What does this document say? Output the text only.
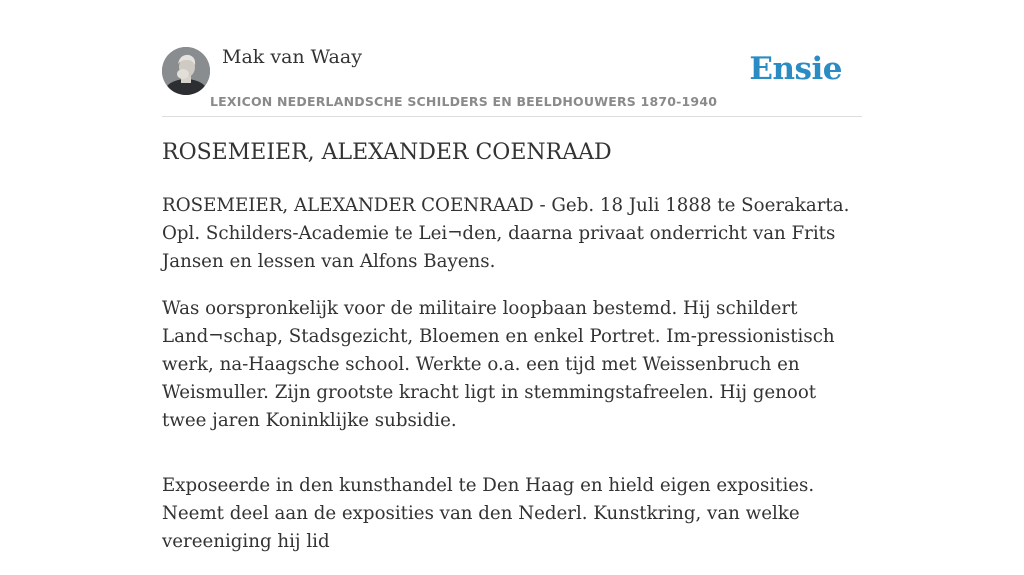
Mak van Waay
LEXICON NEDERLANDSCHE SCHILDERS EN BEELDHOUWERS 1870-1940
Ensie
ROSEMEIER, ALEXANDER COENRAAD

ROSEMEIER, ALEXANDER COENRAAD - Geb. 18 Juli 1888 te Soerakarta. Opl. Schilders-Academie te Lei¬den, daarna privaat onderricht van Frits Jansen en lessen van Alfons Bayens.

Was oorspronkelijk voor de militaire loopbaan bestemd. Hij schildert Land¬schap, Stadsgezicht, Bloemen en enkel Portret. Im-pressionistisch werk, na-Haagsche school. Werkte o.a. een tijd met Weissenbruch en Weismuller. Zijn grootste kracht ligt in stemmingstafreelen. Hij genoot twee jaren Koninklijke subsidie.

Exposeerde in den kunsthandel te Den Haag en hield eigen exposities. Neemt deel aan de exposities van den Nederl. Kunstkring, van welke vereeniging hij lid
